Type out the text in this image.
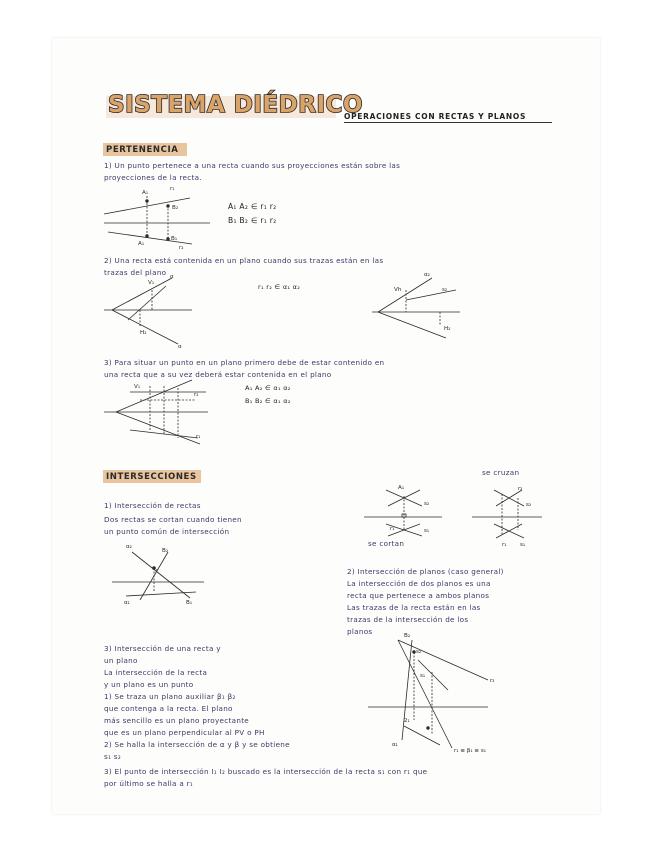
SISTEMA DIÉDRICO
OPERACIONES CON RECTAS Y PLANOS
PERTENENCIA
1) Un punto pertenece a una recta cuando sus proyecciones están sobre las
proyecciones de la recta.
A₁ A₂ ∈ r₁ r₂
B₁ B₂ ∈ r₁ r₂
2) Una recta está contenida en un plano cuando sus trazas están en las
trazas del plano
r₁ r₂ ∈ α₁ α₂
3) Para situar un punto en un plano primero debe de estar contenido en
una recta que a su vez deberá estar contenida en el plano
A₁ A₂ ∈ α₁ α₂
B₁ B₂ ∈ α₁ α₂
INTERSECCIONES	se cruzan
1) Intersección de rectas
Dos rectas se cortan cuando tienen
un punto común de intersección
se cortan
2) Intersección de planos (caso general)
La intersección de dos planos es una
recta que pertenece a ambos planos
Las trazas de la recta están en las
trazas de la intersección de los
planos
3) Intersección de una recta y
un plano
La intersección de la recta
y un plano es un punto
1) Se traza un plano auxiliar β₁ β₂
que contenga a la recta. El plano
más sencillo es un plano proyectante
que es un plano perpendicular al PV o PH
2) Se halla la intersección de α y β y se obtiene
s₁ s₂
3) El punto de intersección I₁ I₂ buscado es la intersección de la recta s₁ con r₁ que
por último se halla a r₁
A₁
r₁
B₂
A₁
B₁
r₂
V₁
α
H₂
α
α₂
Vh	s₂
H₂
V₁
r₂
r₁
A₁
s₂
r₁	s₁
r₂
s₂
r₁ s₁
α₂
B₂
r
α₁	B₁
B₂
s₂
s₁
r₂
2₁
α₁
r₁ ≡ β₁ ≡ s₁
